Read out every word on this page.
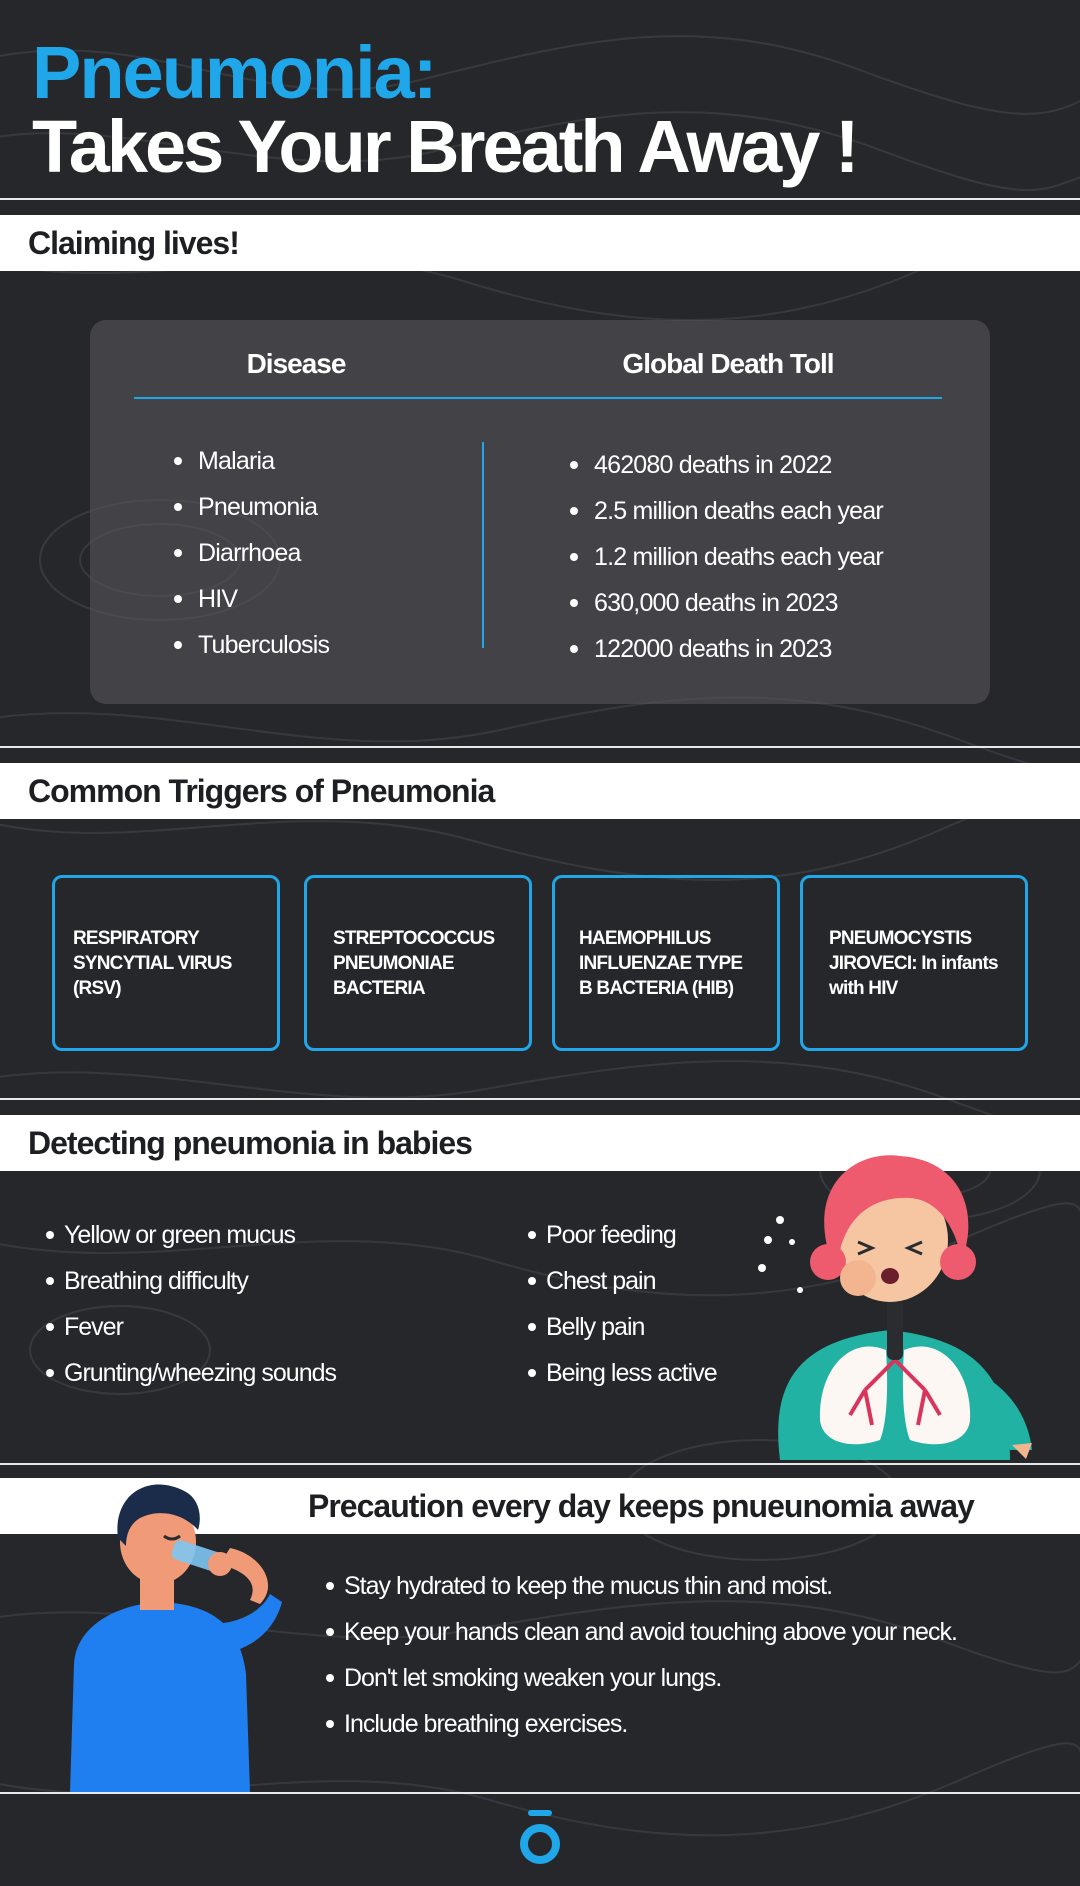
Pneumonia:
Takes Your Breath Away !
Claiming lives!
Disease	Global Death Toll
Malaria
Pneumonia
Diarrhoea
HIV
Tuberculosis
462080 deaths in 2022
2.5 million deaths each year
1.2 million deaths each year
630,000 deaths in 2023
122000 deaths in 2023
Common Triggers of Pneumonia
RESPIRATORY SYNCYTIAL VIRUS (RSV)
STREPTOCOCCUS PNEUMONIAE BACTERIA
HAEMOPHILUS INFLUENZAE TYPE B BACTERIA (HIB)
PNEUMOCYSTIS JIROVECI: In infants with HIV
Detecting pneumonia in babies
Yellow or green mucus
Breathing difficulty
Fever
Grunting/wheezing sounds
Poor feeding
Chest pain
Belly pain
Being less active
Precaution every day keeps pnueunomia away
Stay hydrated to keep the mucus thin and moist.
Keep your hands clean and avoid touching above your neck.
Don't let smoking weaken your lungs.
Include breathing exercises.
